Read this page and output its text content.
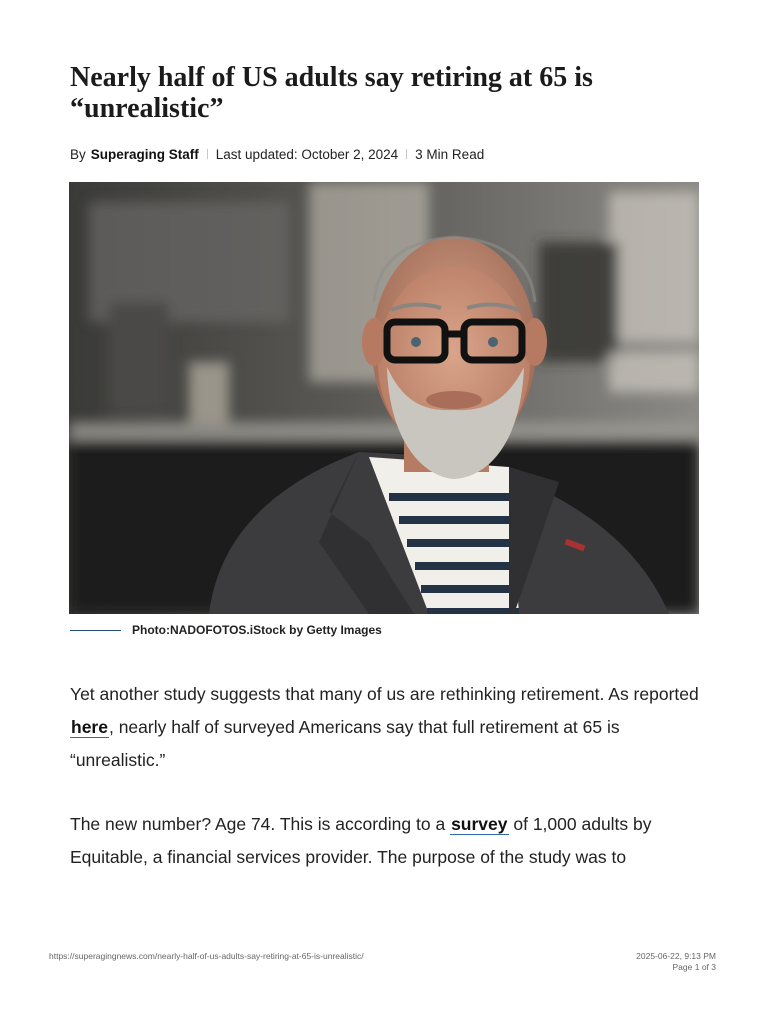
Nearly half of US adults say retiring at 65 is “unrealistic”
By Superaging Staff Last updated: October 2, 2024 3 Min Read
Photo:NADOFOTOS.iStock by Getty Images

Yet another study suggests that many of us are rethinking retirement. As reported here, nearly half of surveyed Americans say that full retirement at 65 is “unrealistic.”

The new number? Age 74. This is according to a survey of 1,000 adults by Equitable, a financial services provider. The purpose of the study was to

https://superagingnews.com/nearly-half-of-us-adults-say-retiring-at-65-is-unrealistic/	2025-06-22, 9:13 PM
Page 1 of 3
